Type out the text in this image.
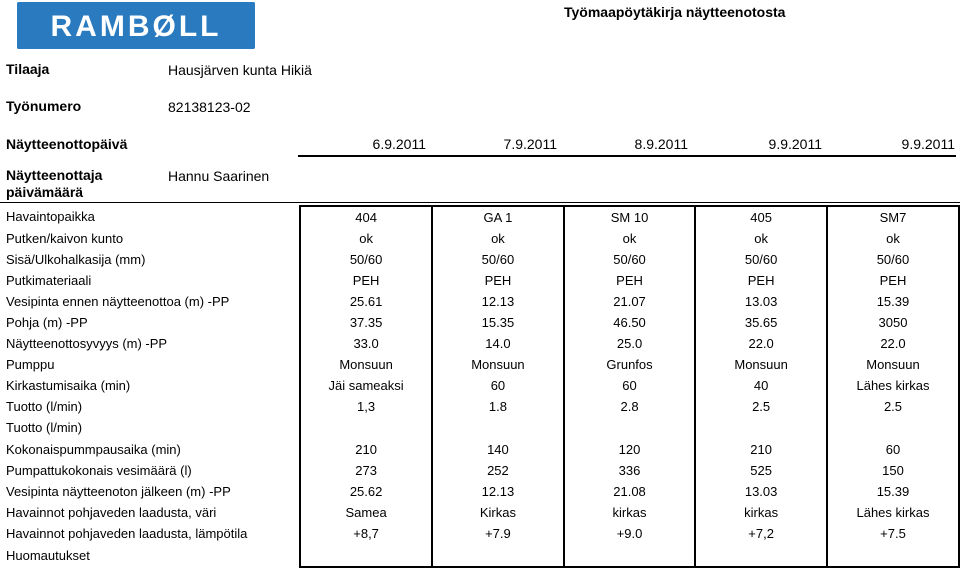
RAMBØLL	Työmaapöytäkirja näytteenotosta
Tilaaja	Hausjärven kunta Hikiä
Työnumero	82138123-02
Näytteenottopäivä	6.9.2011	7.9.2011	8.9.2011	9.9.2011	9.9.2011
Näytteenottaja	Hannu Saarinen
päivämäärä
Havaintopaikka	404	GA 1	SM 10	405	SM7
Putken/kaivon kunto	ok	ok	ok	ok	ok
Sisä/Ulkohalkasija (mm)	50/60	50/60	50/60	50/60	50/60
Putkimateriaali	PEH	PEH	PEH	PEH	PEH
Vesipinta ennen näytteenottoa (m) -PP	25.61	12.13	21.07	13.03	15.39
Pohja (m) -PP	37.35	15.35	46.50	35.65	3050
Näytteenottosyvyys (m) -PP	33.0	14.0	25.0	22.0	22.0
Pumppu	Monsuun	Monsuun	Grunfos	Monsuun	Monsuun
Kirkastumisaika (min)	Jäi sameaksi	60	60	40	Lähes kirkas
Tuotto (l/min)	1,3	1.8	2.8	2.5	2.5
Tuotto (l/min)					
Kokonaispummpausaika (min)	210	140	120	210	60
Pumpattukokonais vesimäärä (l)	273	252	336	525	150
Vesipinta näytteenoton jälkeen (m) -PP	25.62	12.13	21.08	13.03	15.39
Havainnot pohjaveden laadusta, väri	Samea	Kirkas	kirkas	kirkas	Lähes kirkas
Havainnot pohjaveden laadusta, lämpötila	+8,7	+7.9	+9.0	+7,2	+7.5
Huomautukset					
